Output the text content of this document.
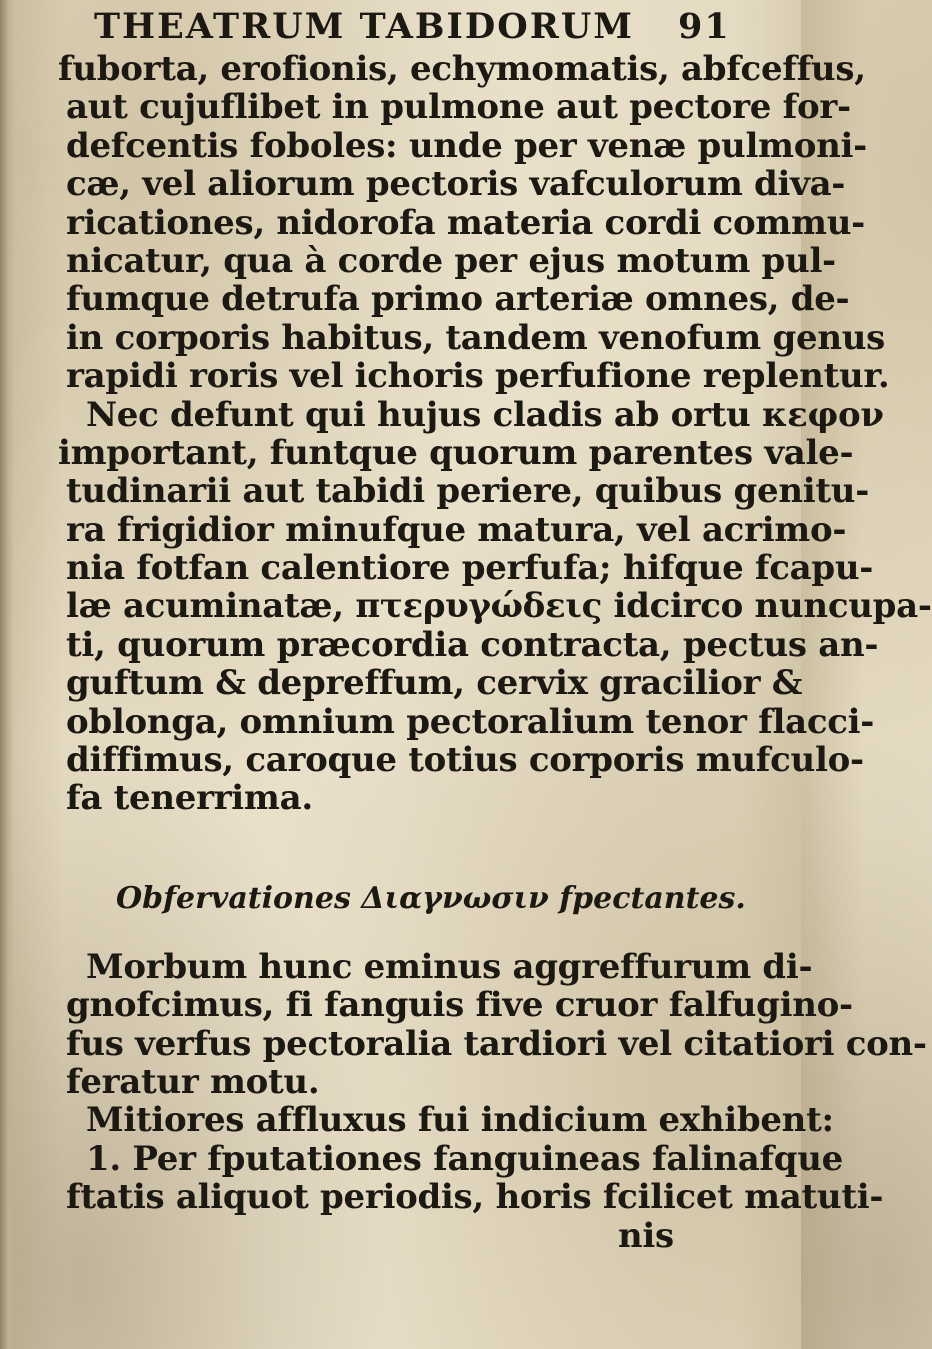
THEATRUM TABIDORUM

91

fuborta, erofionis, echymomatis, abfceffus,
aut cujuflibet in pulmone aut pectore for-
defcentis foboles: unde per venæ pulmoni-
cæ, vel aliorum pectoris vafculorum diva-
ricationes, nidorofa materia cordi commu-
nicatur, qua à corde per ejus motum pul-
fumque detrufa primo arteriæ omnes, de-
in corporis habitus, tandem venofum genus
rapidi roris vel ichoris perfufione replentur.
Nec defunt qui hujus cladis ab ortu κεφον
important, funtque quorum parentes vale-
tudinarii aut tabidi periere, quibus genitu-
ra frigidior minufque matura, vel acrimo-
nia fotfan calentiore perfufa; hifque fcapu-
læ acuminatæ, πτερυγώδεις idcirco nuncupa-
ti, quorum præcordia contracta, pectus an-
guftum & depreffum, cervix gracilior &
oblonga, omnium pectoralium tenor flacci-
diffimus, caroque totius corporis mufculo-
fa tenerrima.
Obfervationes Διαγνωσιν fpectantes.
Morbum hunc eminus aggreffurum di-
gnofcimus, fi fanguis five cruor falfugino-
fus verfus pectoralia tardiori vel citatiori con-
feratur motu.
Mitiores affluxus fui indicium exhibent:
1. Per fputationes fanguineas falinafque
ftatis aliquot periodis, horis fcilicet matuti-
nis
